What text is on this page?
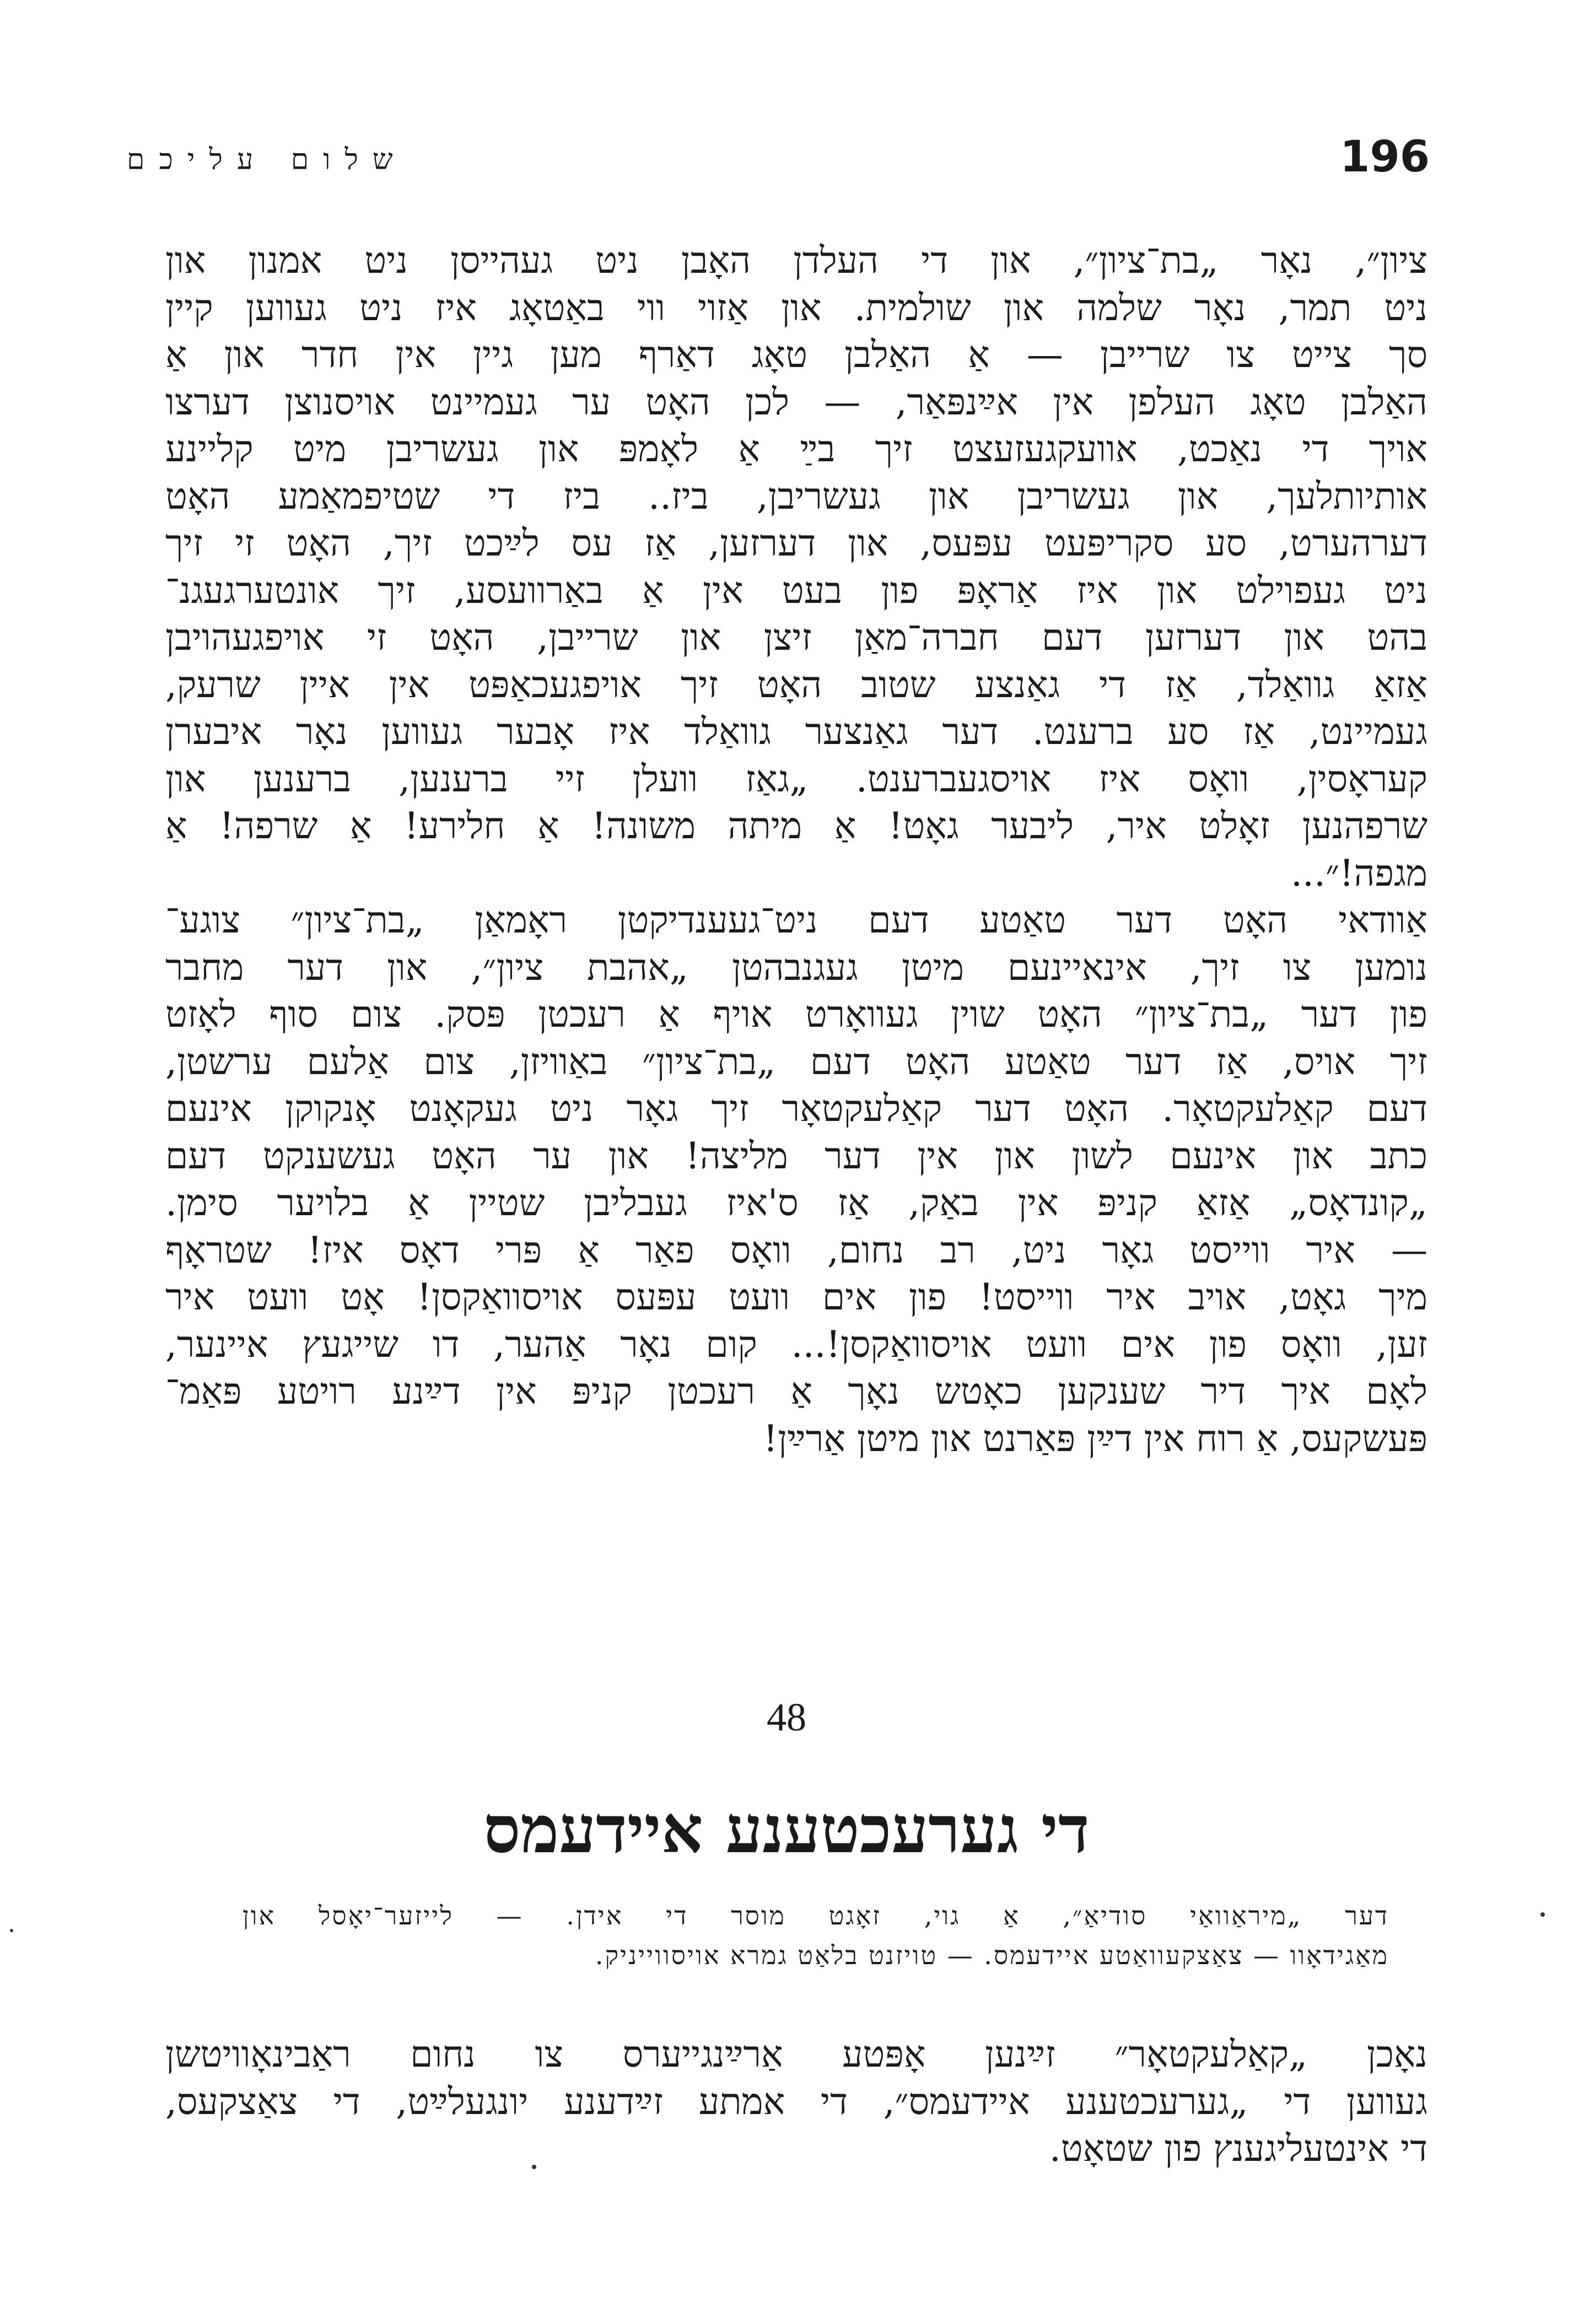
שלום עליכם	196
ציון״, נאָר „בת־ציון״, און די העלדן האָבן ניט געהייסן ניט אמנון און
ניט תמר, נאָר שלמה און שולמית. און אַזוי ווי באַטאָג איז ניט געווען קיין
סך צייט צו שרייבן — אַ האַלבן טאָג דאַרף מען גיין אין חדר און אַ
האַלבן טאָג העלפן אין אײַנפּאַר, — לכן האָט ער געמיינט אויסנוצן דערצו
אויך די נאַכט, אוועקגעזעצט זיך בײַ אַ לאָמפּ און געשריבן מיט קליינע
אותיותלעך, און געשריבן און געשריבן, ביז.. ביז די שטיפמאַמע האָט
דערהערט, סע סקריפּעט עפּעס, און דערזען, אַז עס לײַכט זיך, האָט זי זיך
ניט געפוילט און איז אַראָפּ פון בעט אין אַ באַרוועסע, זיך אונטערגעגנ־
בהט און דערזען דעם חברה־מאַן זיצן און שרייבן, האָט זי אויפגעהויבן
אַזאַ גוואַלד, אַז די גאַנצע שטוב האָט זיך אויפגעכאַפּט אין איין שרעק,
געמיינט, אַז סע ברענט. דער גאַנצער גוואַלד איז אָבער געווען נאָר איבערן
קעראָסין, וואָס איז אויסגעברענט. „גאַז וועלן זיי ברענען, ברענען און
שרפהנען זאָלט איר, ליבער גאָט! אַ מיתה משונה! אַ חלירע! אַ שרפה! אַ
מגפה!״...
אַוודאי האָט דער טאַטע דעם ניט־געענדיקטן ראָמאַן „בת־ציון״ צוגע־
נומען צו זיך, אינאיינעם מיטן געגנבהטן „אהבת ציון״, און דער מחבר
פון דער „בת־ציון״ האָט שוין געוואָרט אויף אַ רעכטן פּסק. צום סוף לאָזט
זיך אויס, אַז דער טאַטע האָט דעם „בת־ציון״ באַוויזן, צום אַלעם ערשטן,
דעם קאַלעקטאָר. האָט דער קאַלעקטאָר זיך גאָר ניט געקאָנט אָנקוקן אינעם
כתב און אינעם לשון און אין דער מליצה! און ער האָט געשענקט דעם
„קונדאָס„ אַזאַ קניפּ אין באַק, אַז ס'איז געבליבן שטיין אַ בלויער סימן.
— איר ווייסט גאָר ניט, רב נחום, וואָס פאַר אַ פּרי דאָס איז! שטראָף
מיך גאָט, אויב איר ווייסט! פון אים וועט עפּעס אויסוואַקסן! אָט וועט איר
זען, וואָס פון אים וועט אויסוואַקסן!... קום נאָר אַהער, דו שייגעץ איינער,
לאָם איך דיר שענקען כאָטש נאָך אַ רעכטן קניפּ אין דײַנע רויטע פּאַמ־
פּעשקעס, אַ רוח אין דײַן פּאַרנט און מיטן אַרײַן!
48
די גערעכטענע איידעמס
דער „מיראַוואַי סודיאַ״, אַ גוי, זאָגט מוסר די אידן. — לייזער־יאָסל און
מאַגידאָוו — צאַצקעוואַטע איידעמס. — טויזנט בלאַט גמרא אויסווייניק.
נאָכן „קאַלעקטאָר״ זײַנען אָפּטע אַרײַנגייערס צו נחום ראַבינאָוויטשן
געווען די „גערעכטענע איידעמס״, די אמתע זײַדענע יונגעלײַט, די צאַצקעס,
די אינטעליגענץ פון שטאָט.
